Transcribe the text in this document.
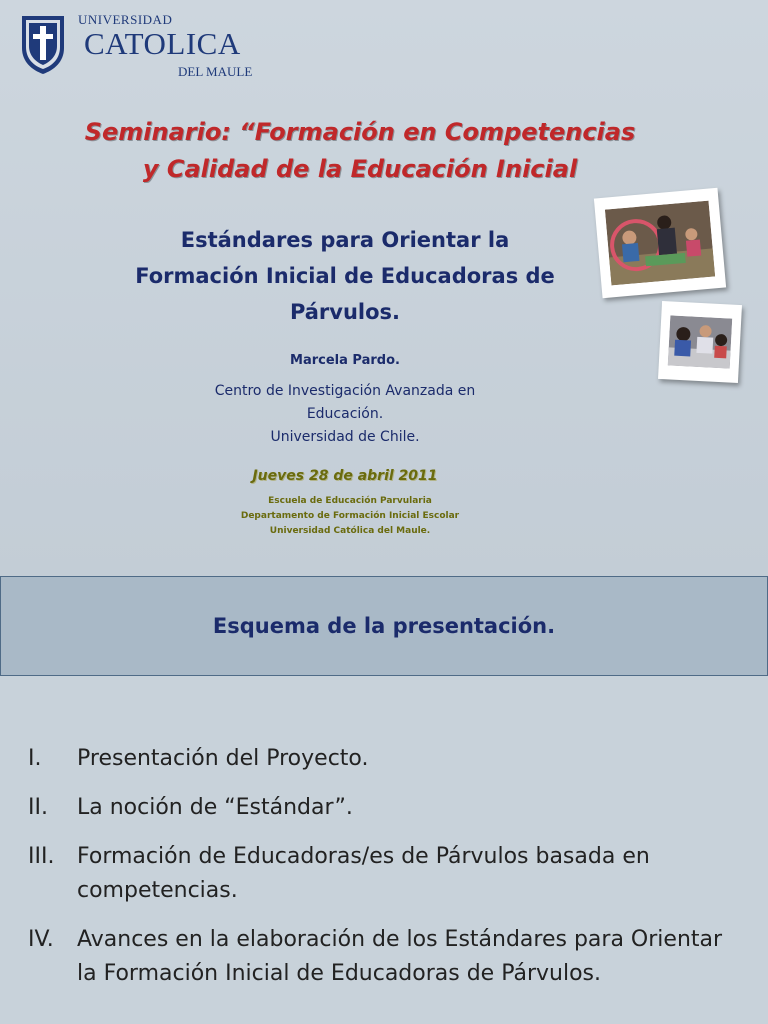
UNIVERSIDAD
CATOLICA
DEL MAULE
Seminario: “Formación en Competencias
y Calidad de la Educación Inicial
Estándares para Orientar la
Formación Inicial de Educadoras de
Párvulos.
Marcela Pardo.
Centro de Investigación Avanzada en
Educación.
Universidad de Chile.
Jueves 28 de abril 2011
Escuela de Educación Parvularia
Departamento de Formación Inicial Escolar
Universidad Católica del Maule.
Esquema de la presentación.
I. Presentación del Proyecto.
II. La noción de “Estándar”.
III. Formación de Educadoras/es de Párvulos basada en competencias.
IV. Avances en la elaboración de los Estándares para Orientar la Formación Inicial de Educadoras de Párvulos.
